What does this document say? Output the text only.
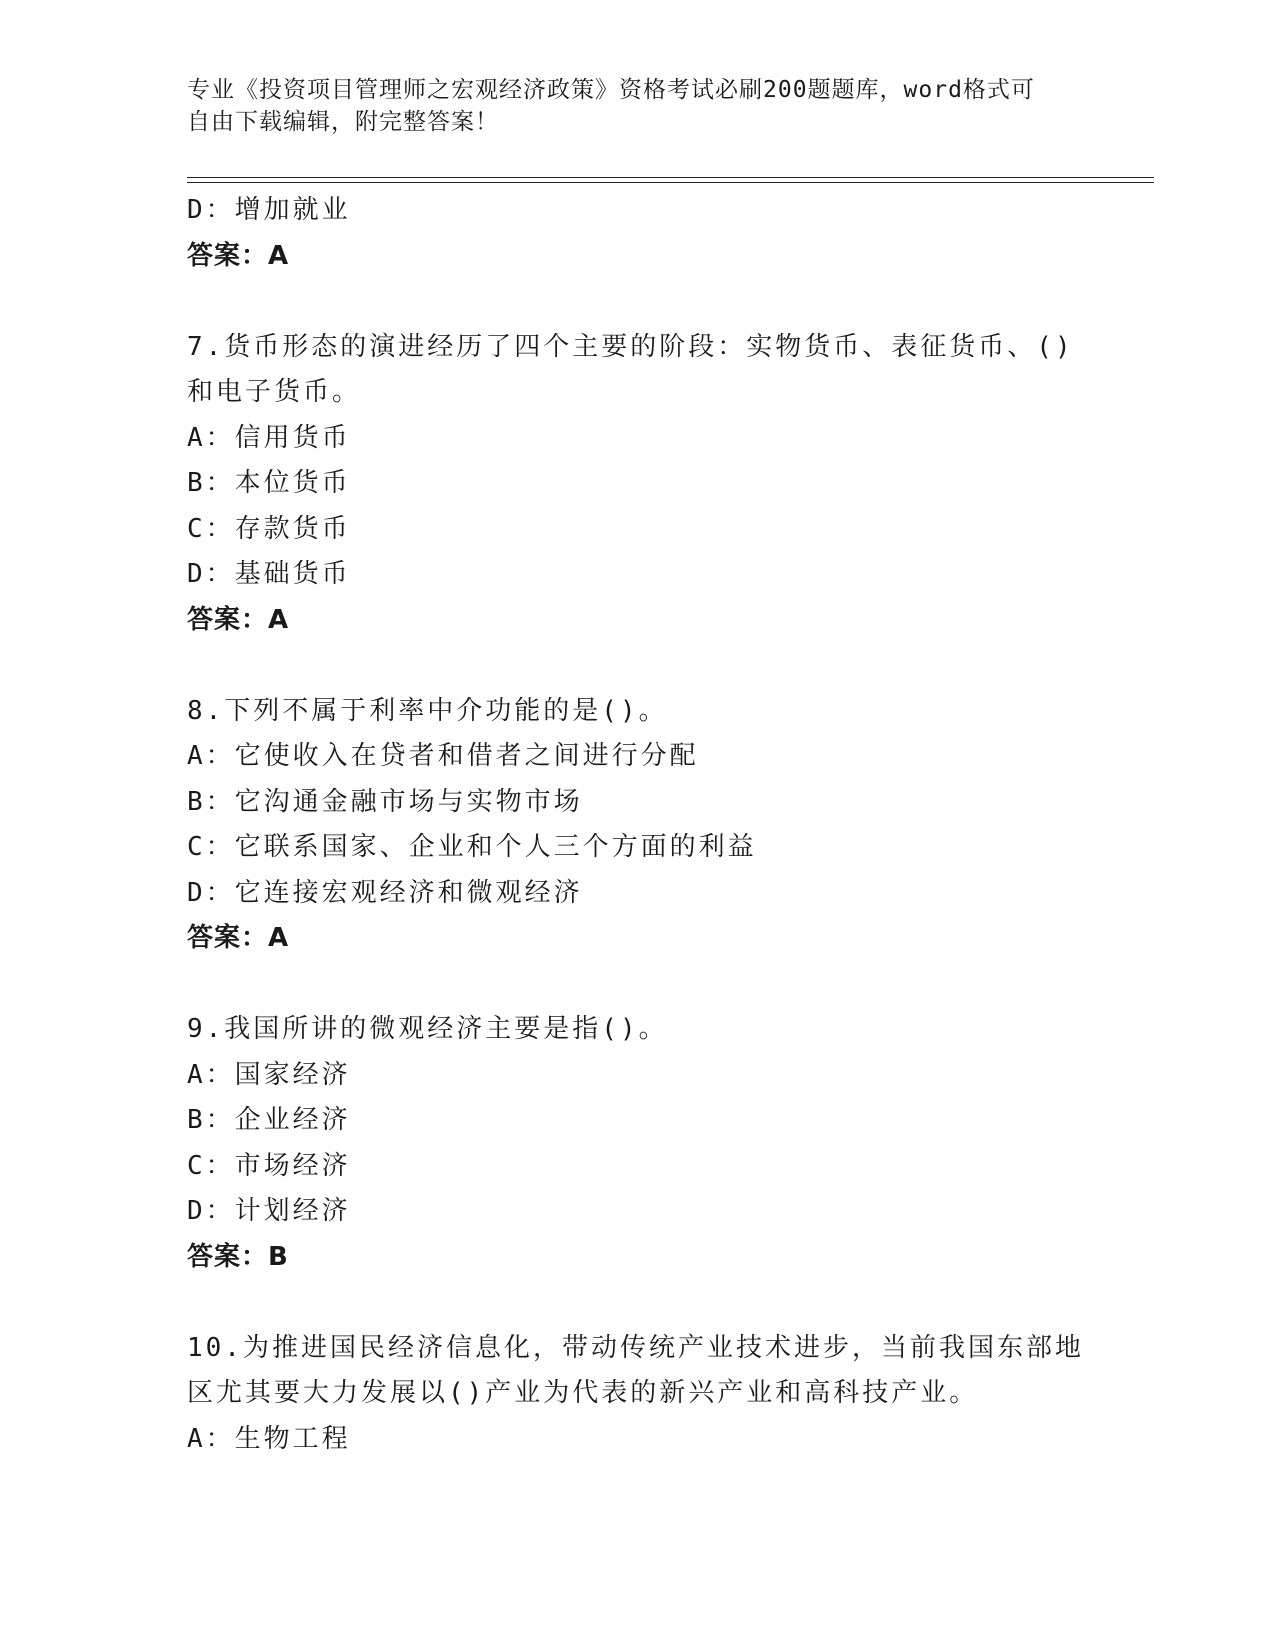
专业《投资项目管理师之宏观经济政策》资格考试必刷200题题库，word格式可
自由下载编辑，附完整答案！
D：增加就业
答案：A
7.货币形态的演进经历了四个主要的阶段：实物货币、表征货币、()
和电子货币。
A：信用货币
B：本位货币
C：存款货币
D：基础货币
答案：A
8.下列不属于利率中介功能的是()。
A：它使收入在贷者和借者之间进行分配
B：它沟通金融市场与实物市场
C：它联系国家、企业和个人三个方面的利益
D：它连接宏观经济和微观经济
答案：A
9.我国所讲的微观经济主要是指()。
A：国家经济
B：企业经济
C：市场经济
D：计划经济
答案：B
10.为推进国民经济信息化，带动传统产业技术进步，当前我国东部地
区尤其要大力发展以()产业为代表的新兴产业和高科技产业。
A：生物工程
